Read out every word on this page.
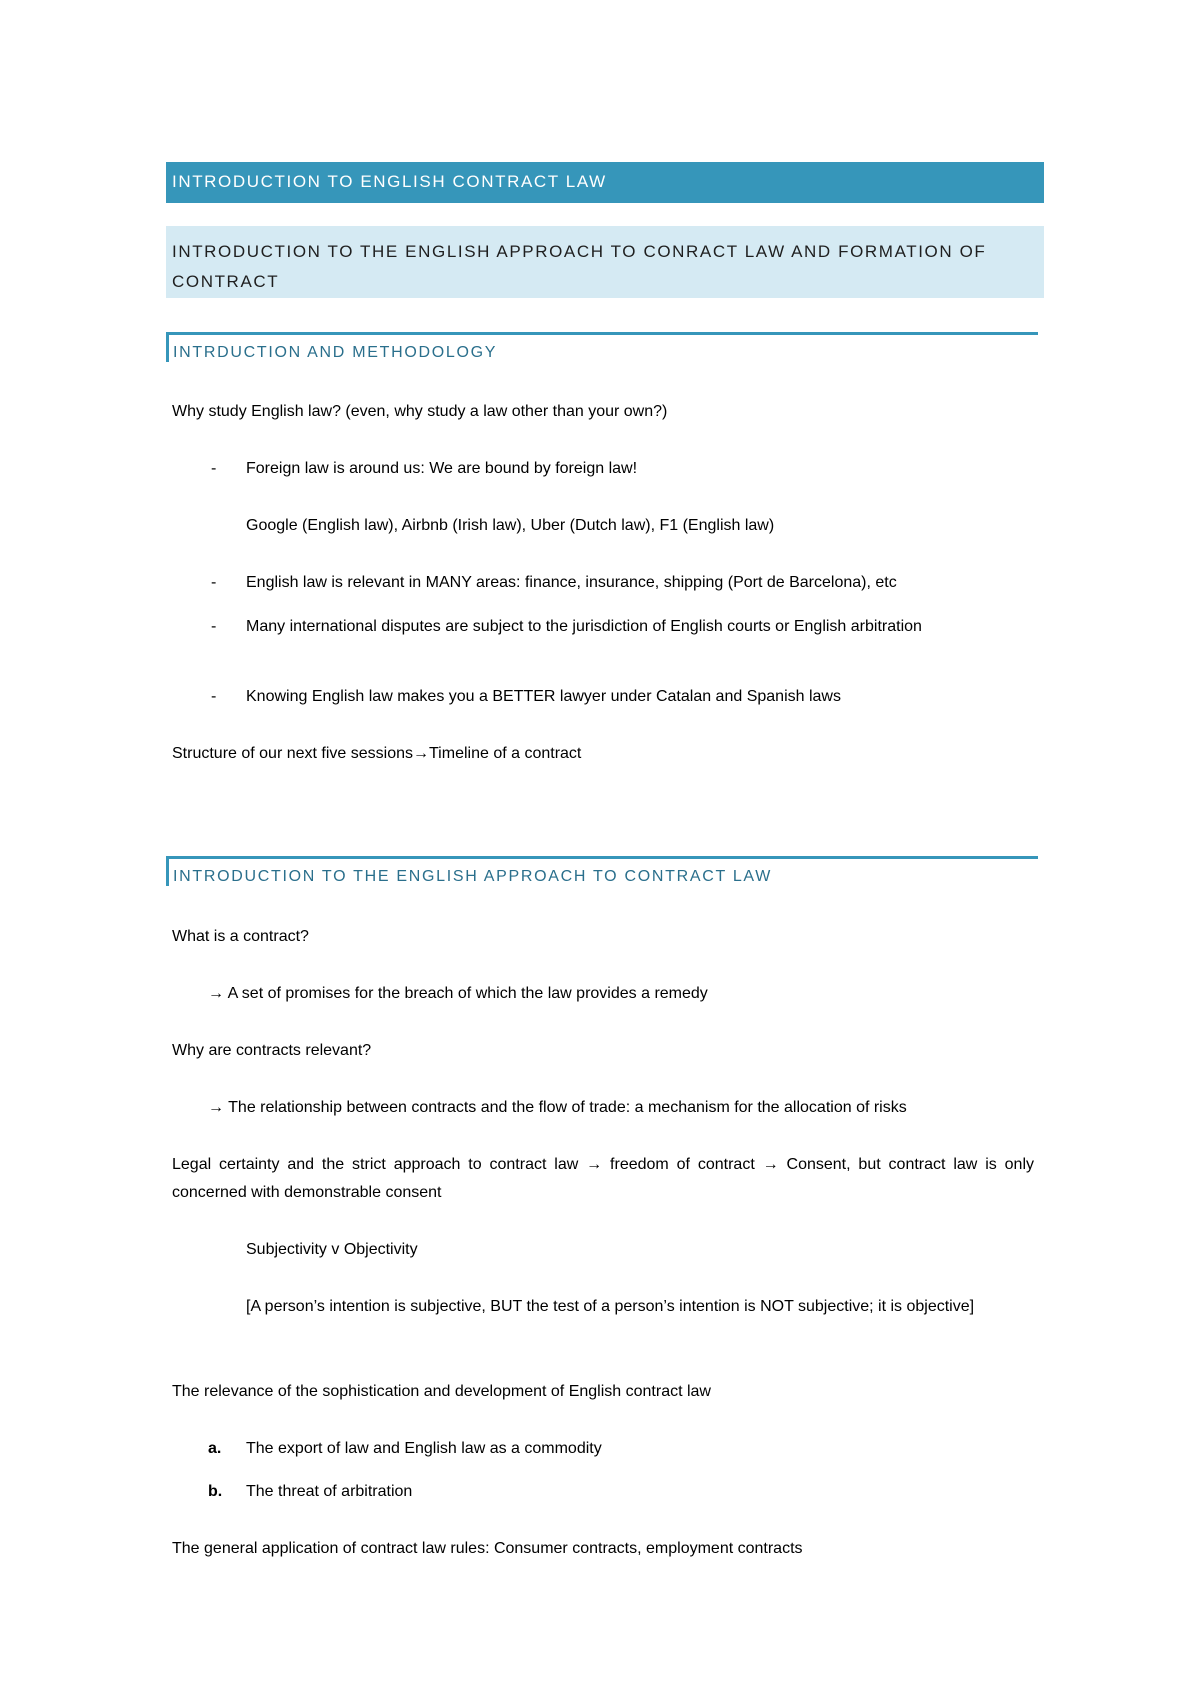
INTRODUCTION TO ENGLISH CONTRACT LAW
INTRODUCTION TO THE ENGLISH APPROACH TO CONRACT LAW AND FORMATION OF CONTRACT
INTRDUCTION AND METHODOLOGY
Why study English law? (even, why study a law other than your own?)
- Foreign law is around us: We are bound by foreign law!
Google (English law), Airbnb (Irish law), Uber (Dutch law), F1 (English law)
- English law is relevant in MANY areas: finance, insurance, shipping (Port de Barcelona), etc
- Many international disputes are subject to the jurisdiction of English courts or English arbitration
- Knowing English law makes you a BETTER lawyer under Catalan and Spanish laws
Structure of our next five sessions→Timeline of a contract
INTRODUCTION TO THE ENGLISH APPROACH TO CONTRACT LAW
What is a contract?
→ A set of promises for the breach of which the law provides a remedy
Why are contracts relevant?
→ The relationship between contracts and the flow of trade: a mechanism for the allocation of risks
Legal certainty and the strict approach to contract law → freedom of contract → Consent, but contract law is only concerned with demonstrable consent
Subjectivity v Objectivity
[A person’s intention is subjective, BUT the test of a person’s intention is NOT subjective; it is objective]
The relevance of the sophistication and development of English contract law
a. The export of law and English law as a commodity
b. The threat of arbitration
The general application of contract law rules: Consumer contracts, employment contracts
